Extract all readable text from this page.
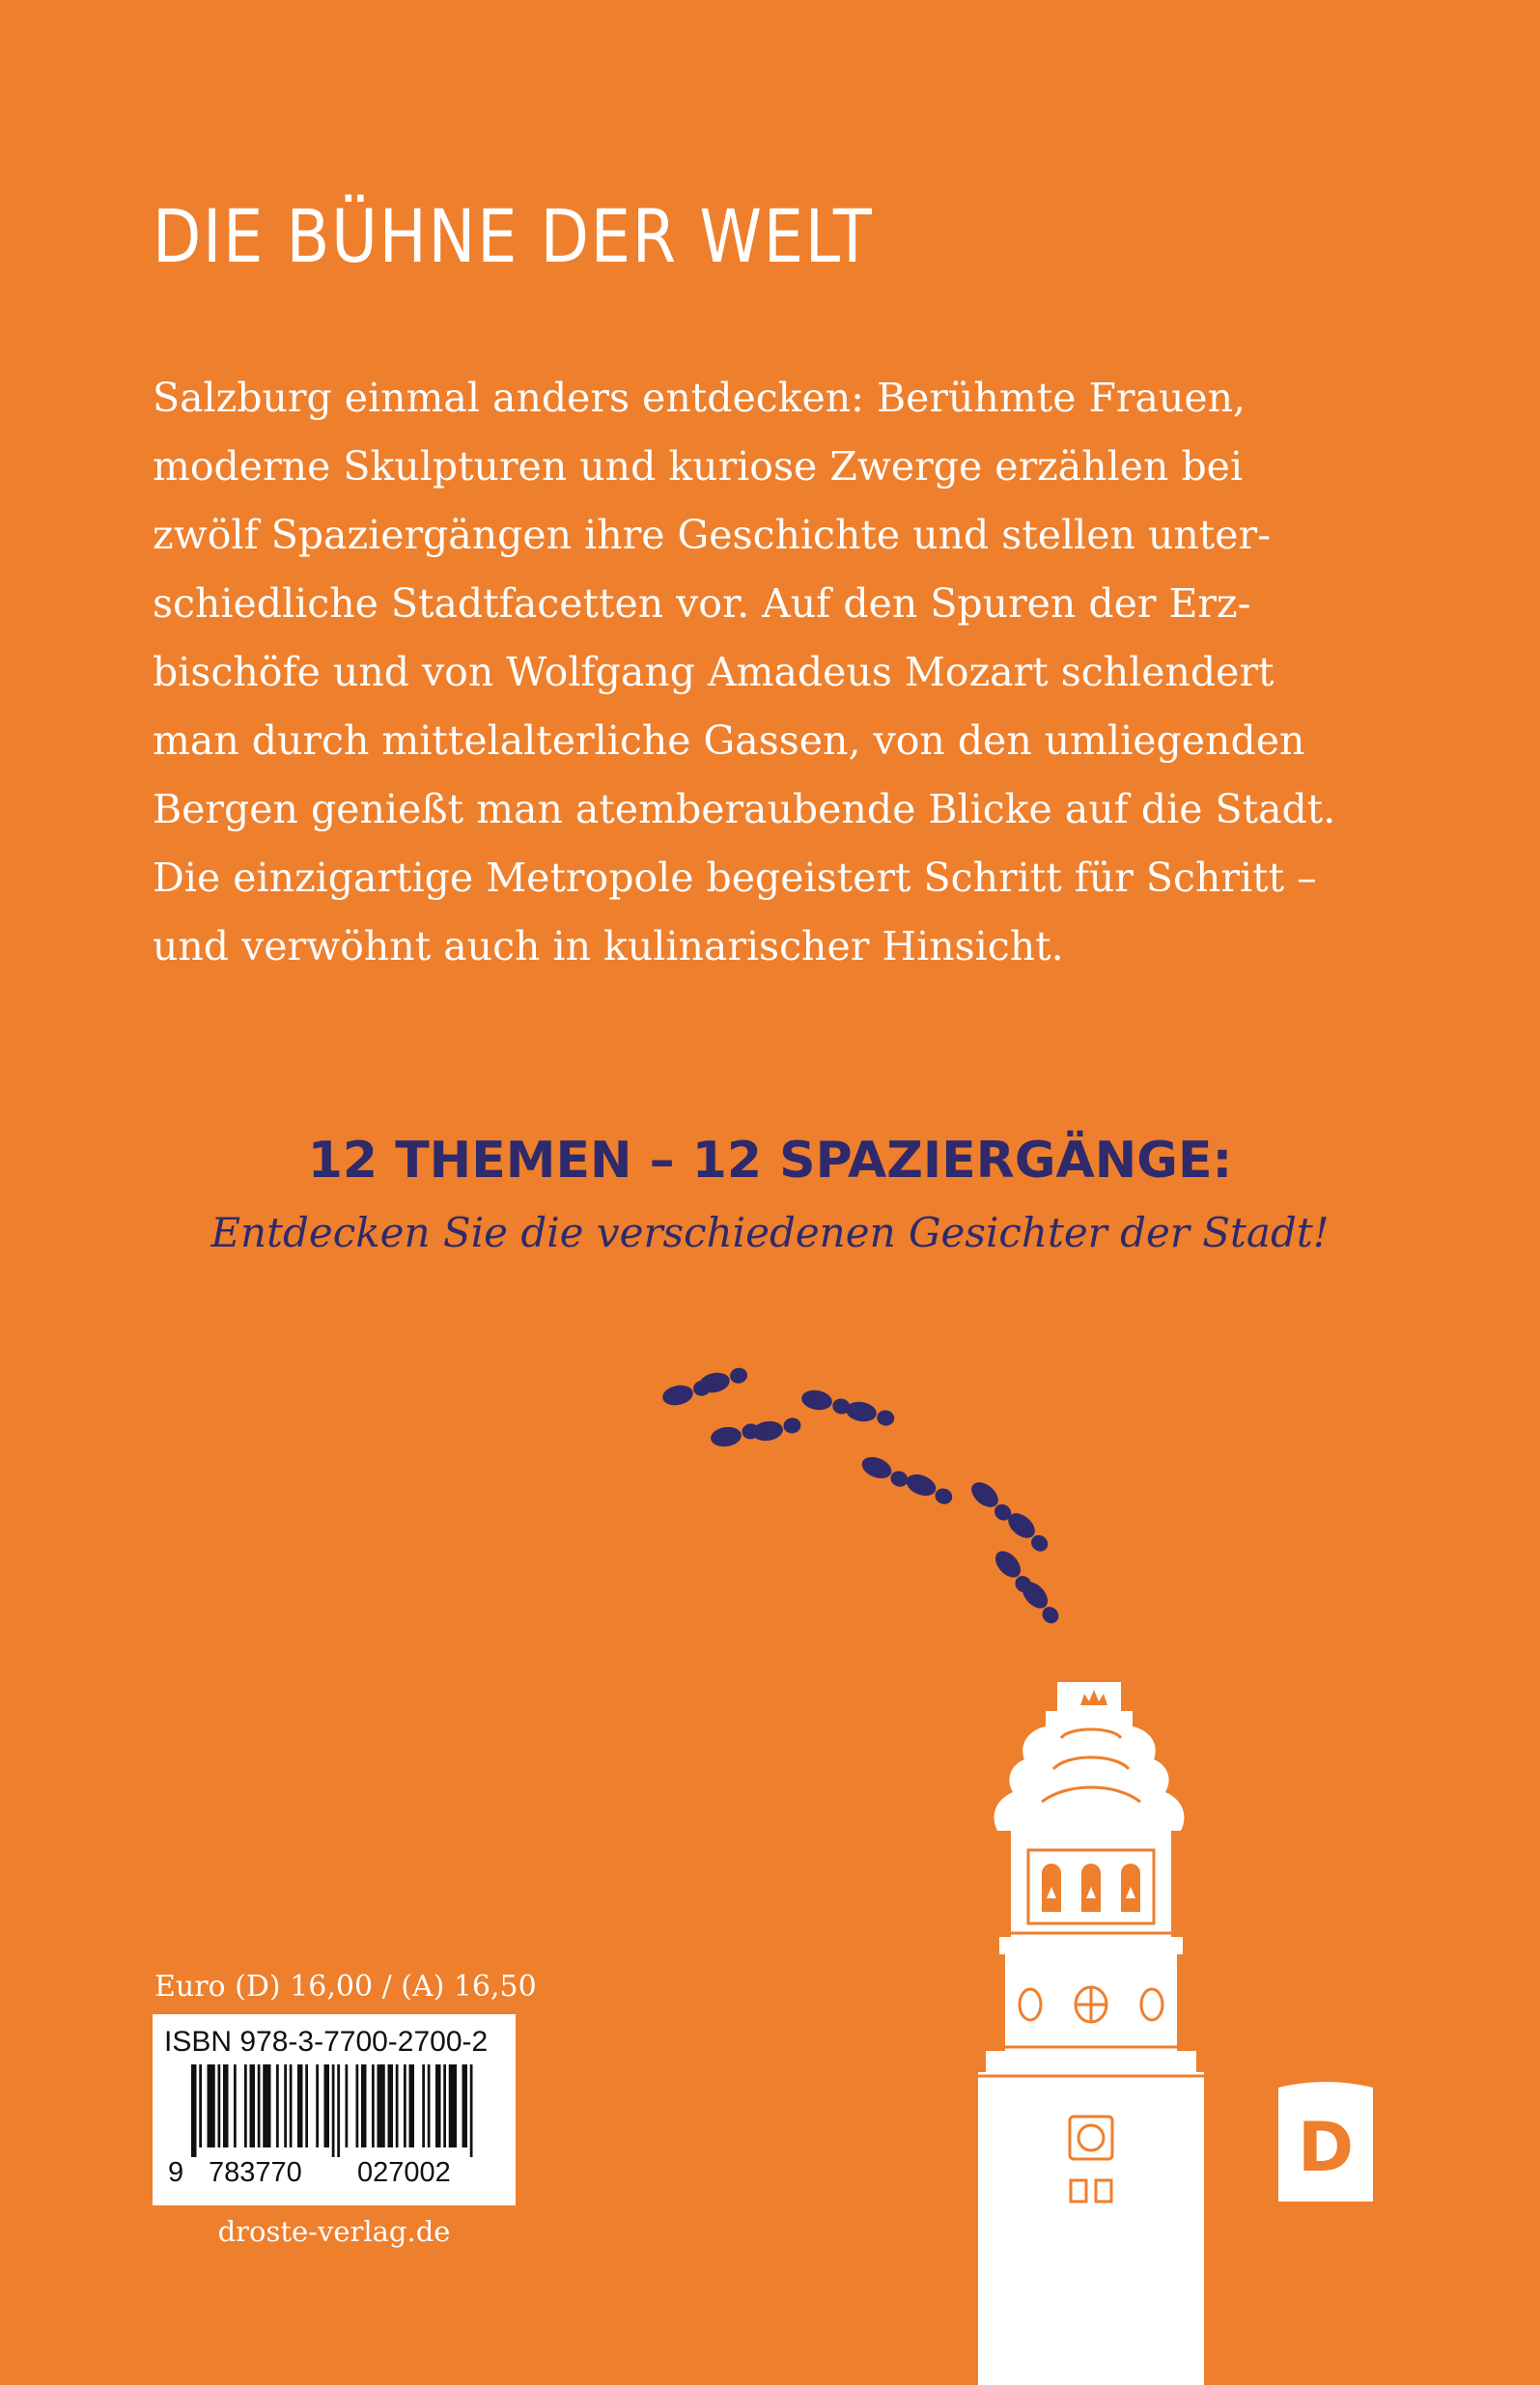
DIE BÜHNE DER WELT
Salzburg einmal anders entdecken: Berühmte Frauen,
moderne Skulpturen und kuriose Zwerge erzählen bei
zwölf Spaziergängen ihre Geschichte und stellen unter-
schiedliche Stadtfacetten vor. Auf den Spuren der Erz-
bischöfe und von Wolfgang Amadeus Mozart schlendert
man durch mittelalterliche Gassen, von den umliegenden
Bergen genießt man atemberaubende Blicke auf die Stadt.
Die einzigartige Metropole begeistert Schritt für Schritt –
und verwöhnt auch in kulinarischer Hinsicht.
12 THEMEN – 12 SPAZIERGÄNGE:
Entdecken Sie die verschiedenen Gesichter der Stadt!
Euro (D) 16,00 / (A) 16,50
ISBN 978-3-7700-2700-2
9 783770 027002
droste-verlag.de
D
